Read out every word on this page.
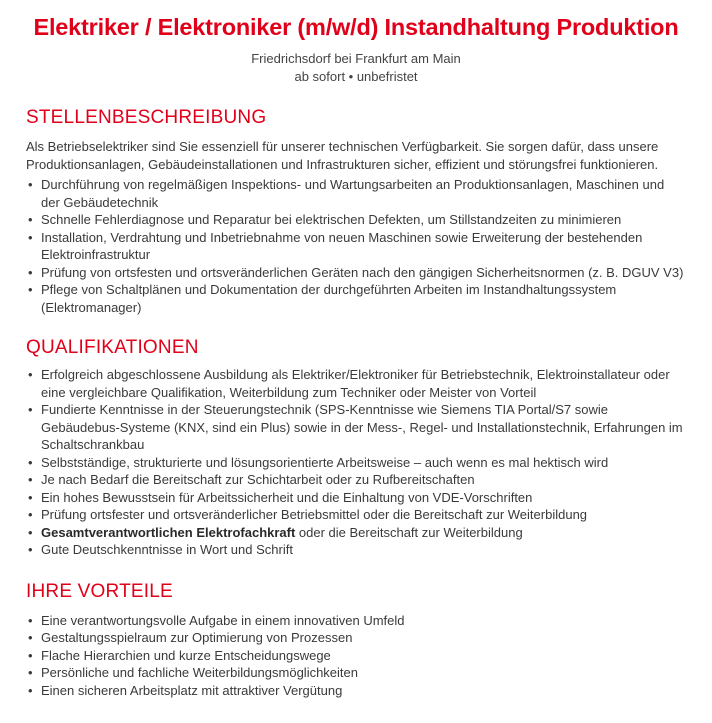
Elektriker / Elektroniker (m/w/d) Instandhaltung Produktion
Friedrichsdorf bei Frankfurt am Main
ab sofort • unbefristet
STELLENBESCHREIBUNG

Als Betriebselektriker sind Sie essenziell für unserer technischen Verfügbarkeit. Sie sorgen dafür, dass unsere Produktionsanlagen, Gebäudeinstallationen und Infrastrukturen sicher, effizient und störungsfrei funktionieren.

• Durchführung von regelmäßigen Inspektions- und Wartungsarbeiten an Produktionsanlagen, Maschinen und der Gebäudetechnik
• Schnelle Fehlerdiagnose und Reparatur bei elektrischen Defekten, um Stillstandzeiten zu minimieren
• Installation, Verdrahtung und Inbetriebnahme von neuen Maschinen sowie Erweiterung der bestehenden Elektroinfrastruktur
• Prüfung von ortsfesten und ortsveränderlichen Geräten nach den gängigen Sicherheitsnormen (z. B. DGUV V3)
• Pflege von Schaltplänen und Dokumentation der durchgeführten Arbeiten im Instandhaltungssystem (Elektromanager)
QUALIFIKATIONEN
• Erfolgreich abgeschlossene Ausbildung als Elektriker/Elektroniker für Betriebstechnik, Elektroinstallateur oder eine vergleichbare Qualifikation, Weiterbildung zum Techniker oder Meister von Vorteil
• Fundierte Kenntnisse in der Steuerungstechnik (SPS-Kenntnisse wie Siemens TIA Portal/S7 sowie Gebäudebus-Systeme (KNX, sind ein Plus) sowie in der Mess-, Regel- und Installationstechnik, Erfahrungen im Schaltschrankbau
• Selbstständige, strukturierte und lösungsorientierte Arbeitsweise – auch wenn es mal hektisch wird
• Je nach Bedarf die Bereitschaft zur Schichtarbeit oder zu Rufbereitschaften
• Ein hohes Bewusstsein für Arbeitssicherheit und die Einhaltung von VDE-Vorschriften
• Prüfung ortsfester und ortsveränderlicher Betriebsmittel oder die Bereitschaft zur Weiterbildung
• Gesamtverantwortlichen Elektrofachkraft oder die Bereitschaft zur Weiterbildung
• Gute Deutschkenntnisse in Wort und Schrift
IHRE VORTEILE
• Eine verantwortungsvolle Aufgabe in einem innovativen Umfeld
• Gestaltungsspielraum zur Optimierung von Prozessen
• Flache Hierarchien und kurze Entscheidungswege
• Persönliche und fachliche Weiterbildungsmöglichkeiten
• Einen sicheren Arbeitsplatz mit attraktiver Vergütung
